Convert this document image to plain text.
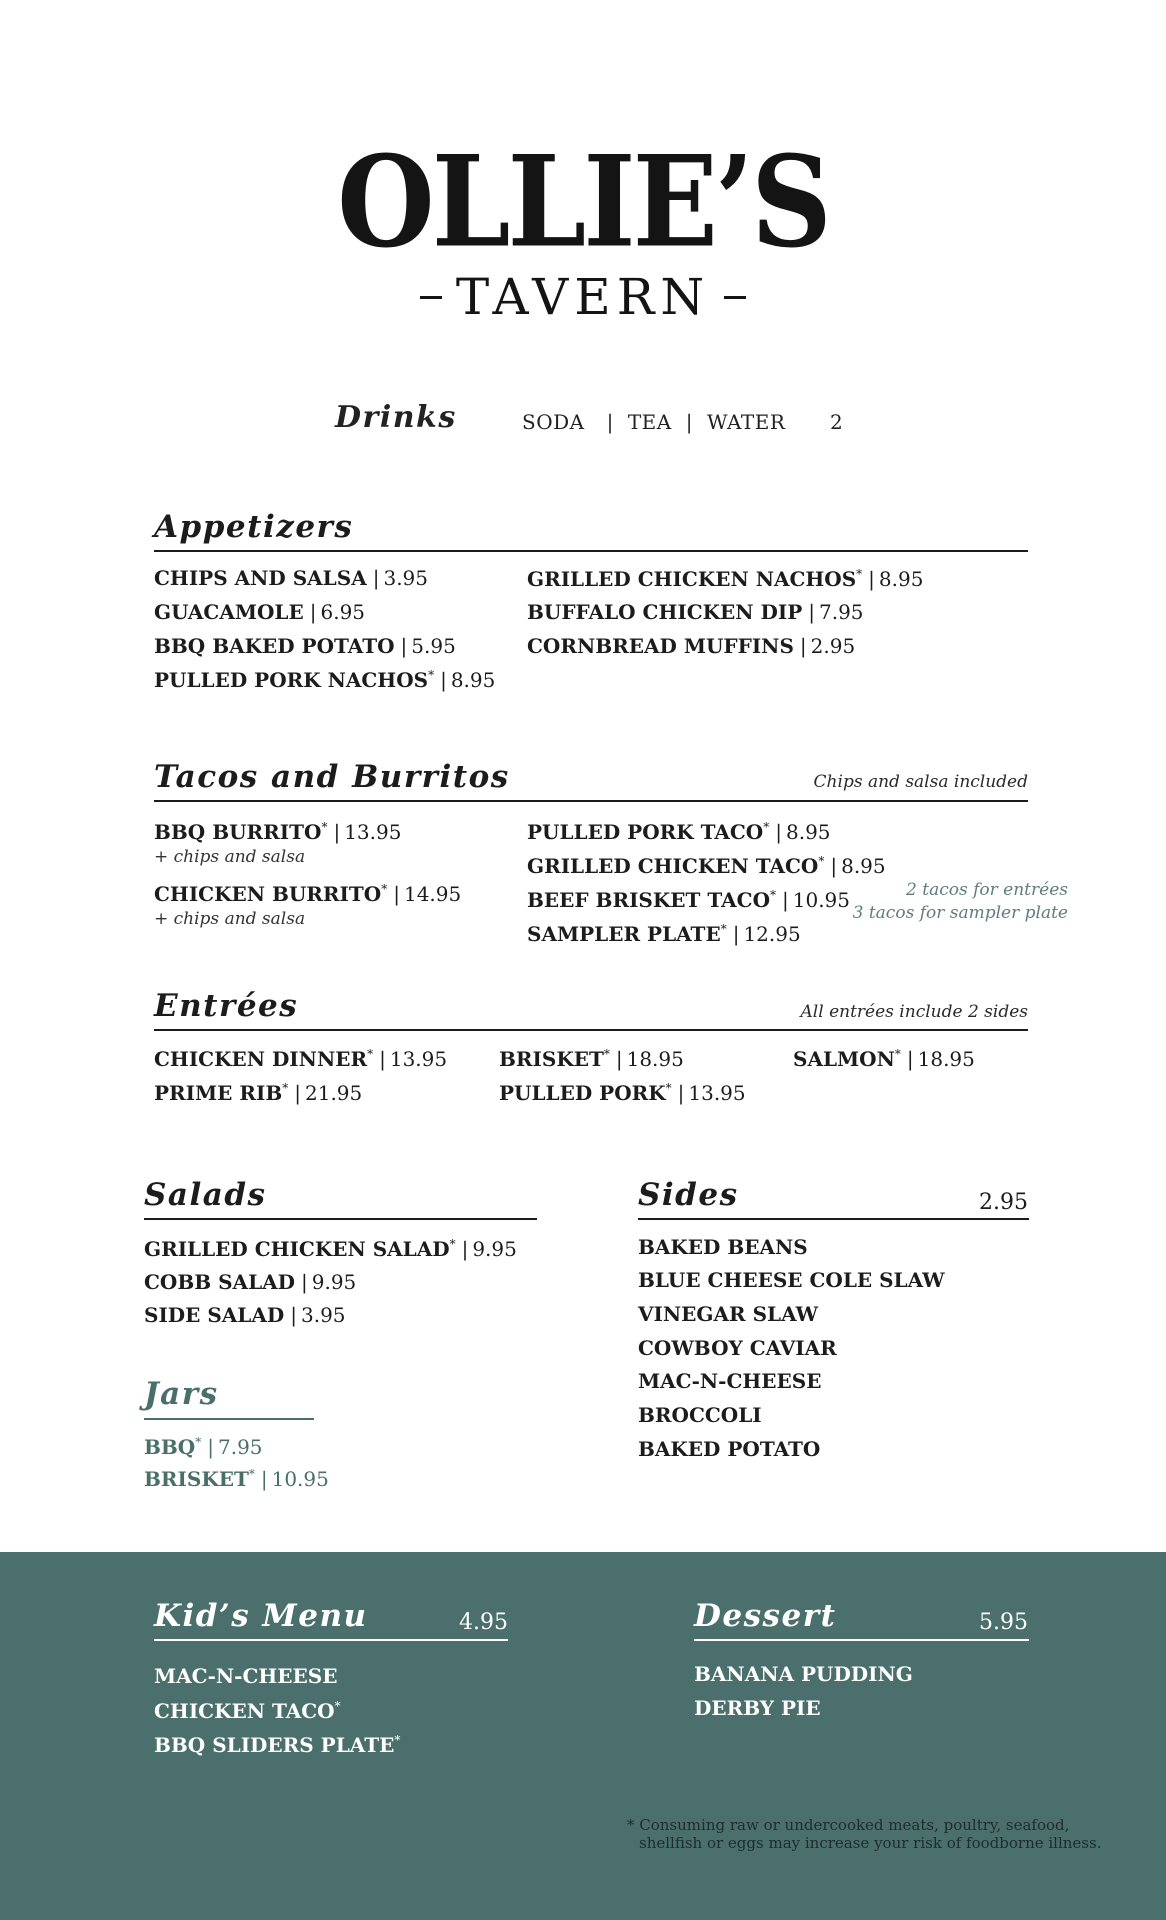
OLLIE’S
TAVERN
Drinks	SODA | TEA | WATER 2
Appetizers
CHIPS AND SALSA | 3.95
GUACAMOLE | 6.95
BBQ BAKED POTATO | 5.95
PULLED PORK NACHOS* | 8.95
GRILLED CHICKEN NACHOS* | 8.95
BUFFALO CHICKEN DIP | 7.95
CORNBREAD MUFFINS | 2.95
Tacos and Burritos	Chips and salsa included
BBQ BURRITO* | 13.95
+ chips and salsa
CHICKEN BURRITO* | 14.95
+ chips and salsa
PULLED PORK TACO* | 8.95
GRILLED CHICKEN TACO* | 8.95
BEEF BRISKET TACO* | 10.95
SAMPLER PLATE* | 12.95
2 tacos for entrées
3 tacos for sampler plate
Entrées	All entrées include 2 sides
CHICKEN DINNER* | 13.95
PRIME RIB* | 21.95
BRISKET* | 18.95
PULLED PORK* | 13.95
SALMON* | 18.95
Salads
GRILLED CHICKEN SALAD* | 9.95
COBB SALAD | 9.95
SIDE SALAD | 3.95
Jars
BBQ* | 7.95
BRISKET* | 10.95
Sides	2.95
BAKED BEANS
BLUE CHEESE COLE SLAW
VINEGAR SLAW
COWBOY CAVIAR
MAC-N-CHEESE
BROCCOLI
BAKED POTATO
Kid’s Menu	4.95
MAC-N-CHEESE
CHICKEN TACO*
BBQ SLIDERS PLATE*
Dessert	5.95
BANANA PUDDING
DERBY PIE
* Consuming raw or undercooked meats, poultry, seafood,
shellfish or eggs may increase your risk of foodborne illness.
